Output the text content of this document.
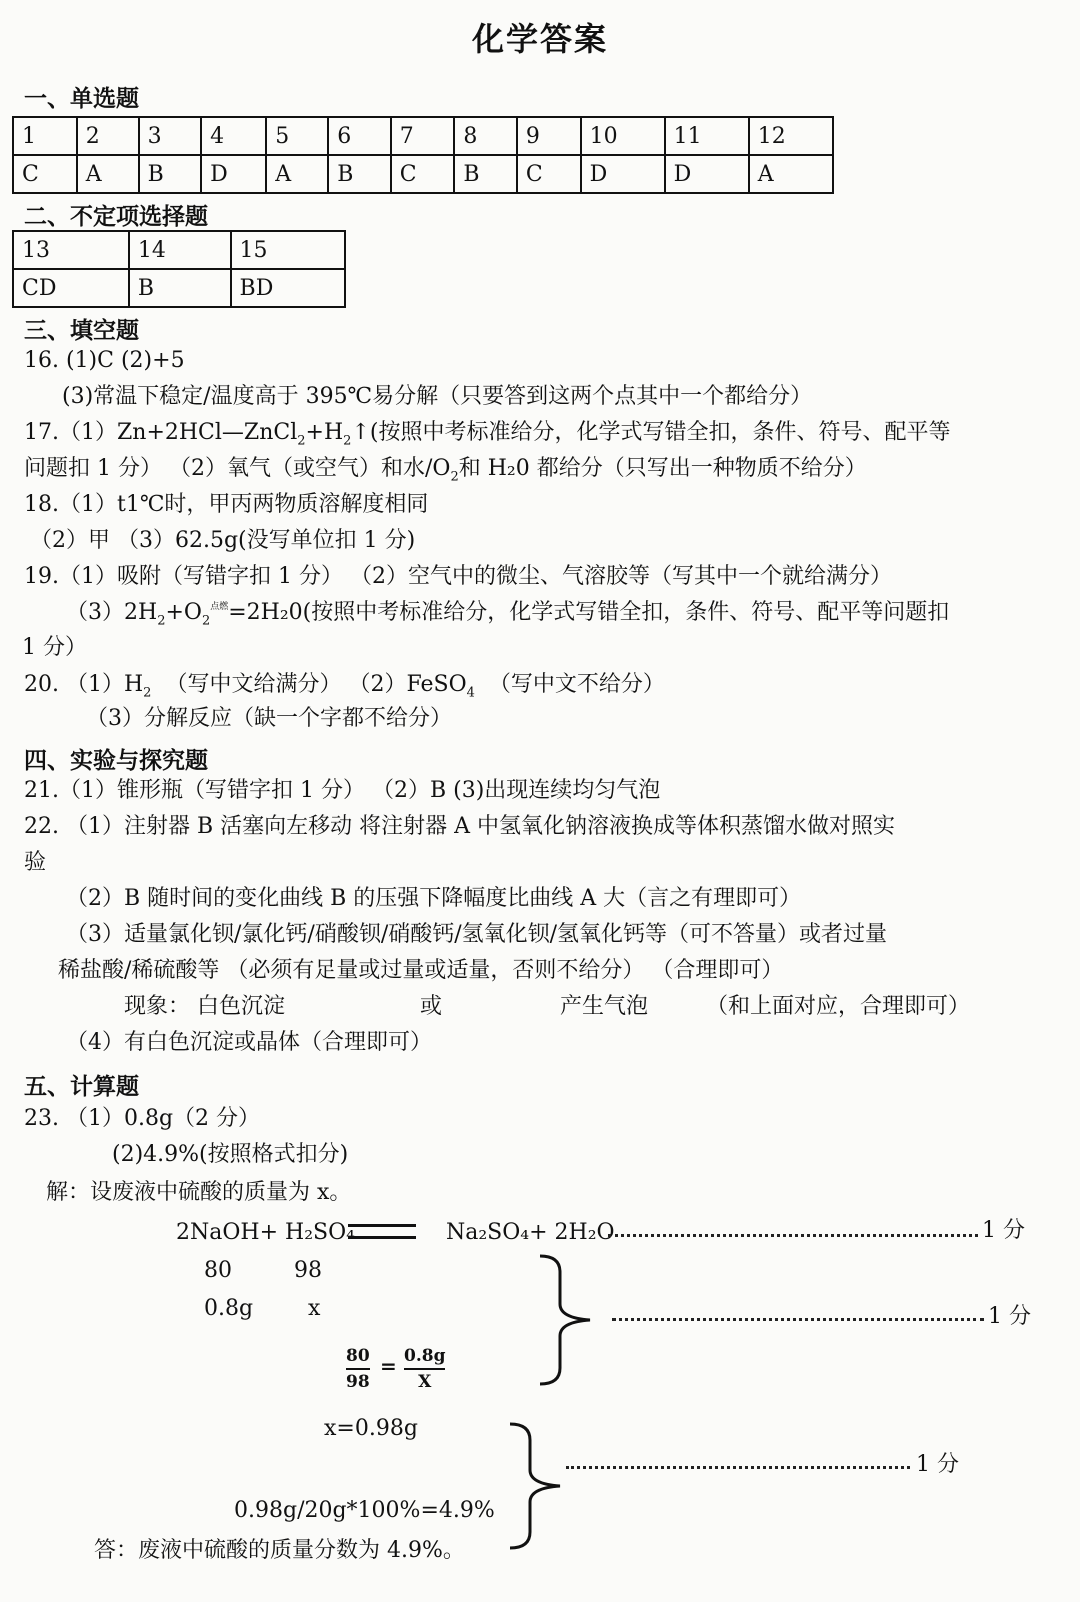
化学答案
一、单选题
1	2	3	4	5	6	7	8	9	10	11	12
C	A	B	D	A	B	C	B	C	D	D	A
二、不定项选择题
13	14	15
CD	B	BD
三、填空题
16. (1)C (2)+5
(3)常温下稳定/温度高于 395℃易分解（只要答到这两个点其中一个都给分）
$17.(1)Zn+2HCl—ZnCl_2+H_2↑$(按照中考标准给分，化学式写错全扣，条件、符号、配平等
问题扣 1 分） （2）氧气（或空气）和水$/O_2$和 H₂0 都给分（只写出一种物质不给分）
18.（1）t1℃时，甲丙两物质溶解度相同
（2）甲 （3）62.5g(没写单位扣 1 分)
19.（1）吸附（写错字扣 1 分） （2）空气中的微尘、气溶胶等（写其中一个就给满分）
$(3)2H_2+O_2^{点燃}=2H_20$(按照中考标准给分，化学式写错全扣，条件、符号、配平等问题扣
1 分）
20. $(1)H_2$ （写中文给满分） （2）FeSO$_4$ （写中文不给分）
（3）分解反应（缺一个字都不给分）
四、实验与探究题
21.（1）锥形瓶（写错字扣 1 分） （2）B (3)出现连续均匀气泡
22. （1）注射器 B 活塞向左移动 将注射器 A 中氢氧化钠溶液换成等体积蒸馏水做对照实
验
（2）B 随时间的变化曲线 B 的压强下降幅度比曲线 A 大（言之有理即可）
（3）适量氯化钡/氯化钙/硝酸钡/硝酸钙/氢氧化钡/氢氧化钙等（可不答量）或者过量
稀盐酸/稀硫酸等 （必须有足量或过量或适量，否则不给分） （合理即可）
现象： 白色沉淀	或	产生气泡	（和上面对应，合理即可）
（4）有白色沉淀或晶体（合理即可）
五、计算题
23. （1）0.8g（2 分）
(2)4.9%(按照格式扣分)
解：设废液中硫酸的质量为 x。
2NaOH+ H₂SO₄	Na₂SO₄+ 2H₂O	1 分
80	98
0.8g x	1 分
80
98
= 0.8g
X
x=0.98g
1 分
0.98g/20g*100%=4.9%
答：废液中硫酸的质量分数为 4.9%。
